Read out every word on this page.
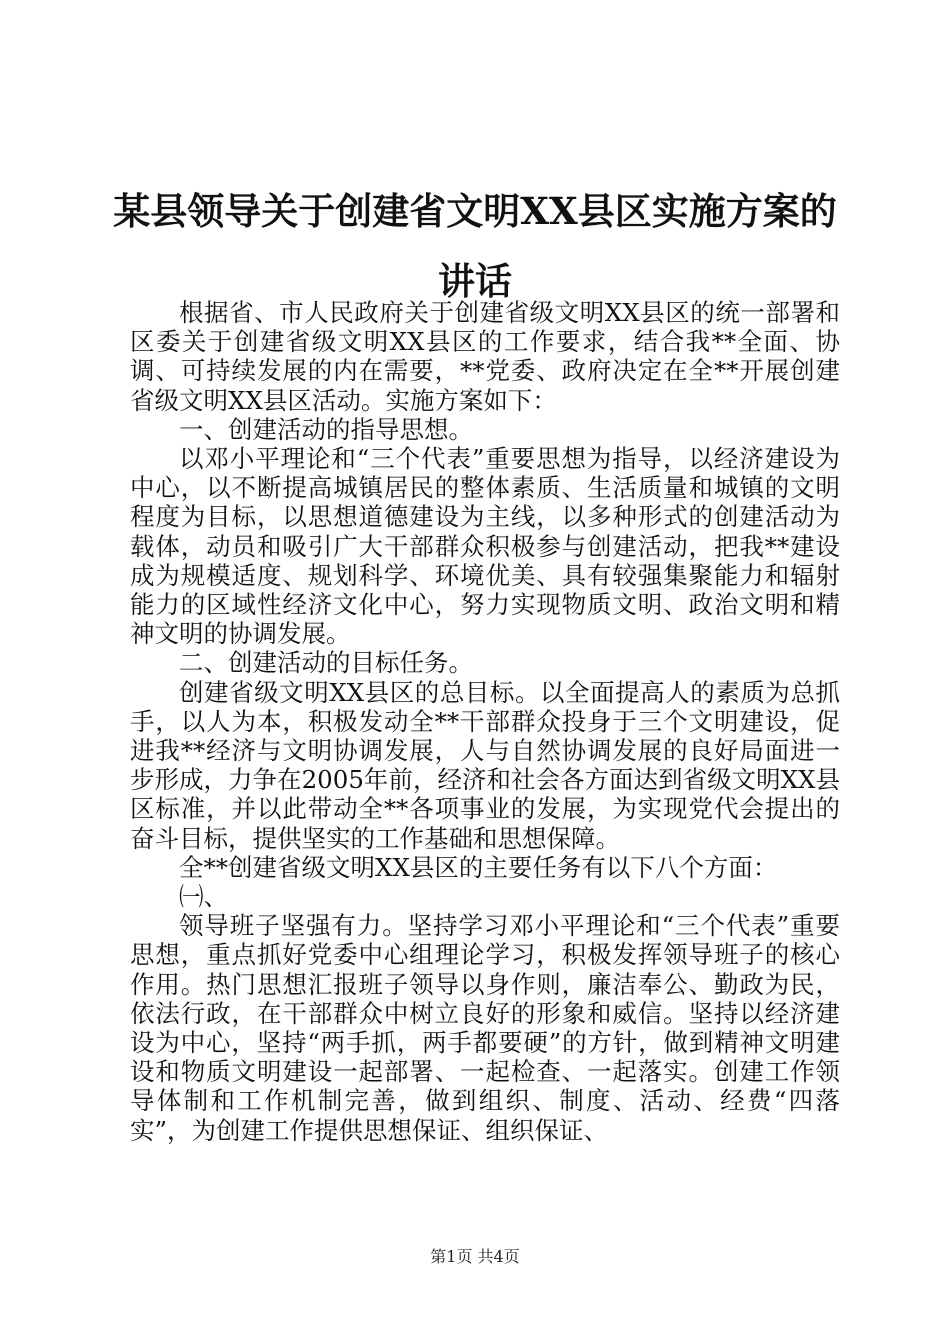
某县领导关于创建省文明XX县区实施方案的
讲话

根据省、市人民政府关于创建省级文明XX县区的统一部署和区委关于创建省级文明XX县区的工作要求，结合我**全面、协调、可持续发展的内在需要，**党委、政府决定在全**开展创建省级文明XX县区活动。实施方案如下：

一、创建活动的指导思想。

以邓小平理论和“三个代表”重要思想为指导，以经济建设为中心，以不断提高城镇居民的整体素质、生活质量和城镇的文明程度为目标，以思想道德建设为主线，以多种形式的创建活动为载体，动员和吸引广大干部群众积极参与创建活动，把我**建设成为规模适度、规划科学、环境优美、具有较强集聚能力和辐射能力的区域性经济文化中心，努力实现物质文明、政治文明和精神文明的协调发展。

二、创建活动的目标任务。

创建省级文明XX县区的总目标。以全面提高人的素质为总抓手，以人为本，积极发动全**干部群众投身于三个文明建设，促进我**经济与文明协调发展，人与自然协调发展的良好局面进一步形成，力争在2005年前，经济和社会各方面达到省级文明XX县区标准，并以此带动全**各项事业的发展，为实现党代会提出的奋斗目标，提供坚实的工作基础和思想保障。

全**创建省级文明XX县区的主要任务有以下八个方面：

㈠、

领导班子坚强有力。坚持学习邓小平理论和“三个代表”重要思想，重点抓好党委中心组理论学习，积极发挥领导班子的核心作用。热门思想汇报班子领导以身作则，廉洁奉公、勤政为民，依法行政，在干部群众中树立良好的形象和威信。坚持以经济建设为中心，坚持“两手抓，两手都要硬”的方针，做到精神文明建设和物质文明建设一起部署、一起检查、一起落实。创建工作领导体制和工作机制完善，做到组织、制度、活动、经费“四落实”，为创建工作提供思想保证、组织保证、

第1页 共4页
